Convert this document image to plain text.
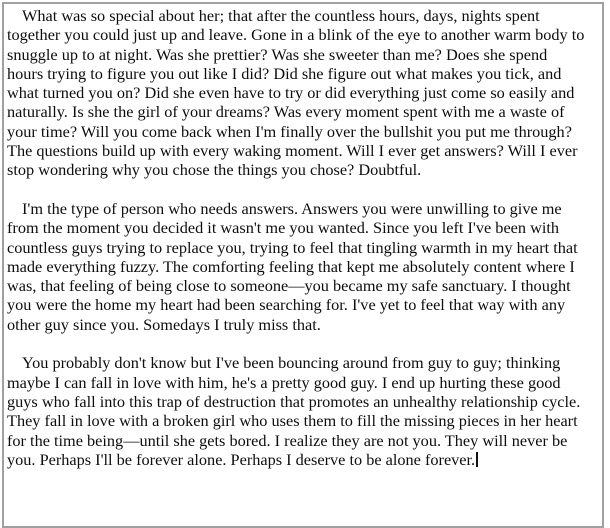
What was so special about her; that after the countless hours, days, nights spent
together you could just up and leave. Gone in a blink of the eye to another warm body to
snuggle up to at night. Was she prettier? Was she sweeter than me? Does she spend
hours trying to figure you out like I did? Did she figure out what makes you tick, and
what turned you on? Did she even have to try or did everything just come so easily and
naturally. Is she the girl of your dreams? Was every moment spent with me a waste of
your time? Will you come back when I'm finally over the bullshit you put me through?
The questions build up with every waking moment. Will I ever get answers? Will I ever
stop wondering why you chose the things you chose? Doubtful.
I'm the type of person who needs answers. Answers you were unwilling to give me
from the moment you decided it wasn't me you wanted. Since you left I've been with
countless guys trying to replace you, trying to feel that tingling warmth in my heart that
made everything fuzzy. The comforting feeling that kept me absolutely content where I
was, that feeling of being close to someone—you became my safe sanctuary. I thought
you were the home my heart had been searching for. I've yet to feel that way with any
other guy since you. Somedays I truly miss that.
You probably don't know but I've been bouncing around from guy to guy; thinking
maybe I can fall in love with him, he's a pretty good guy. I end up hurting these good
guys who fall into this trap of destruction that promotes an unhealthy relationship cycle.
They fall in love with a broken girl who uses them to fill the missing pieces in her heart
for the time being—until she gets bored. I realize they are not you. They will never be
you. Perhaps I'll be forever alone. Perhaps I deserve to be alone forever.
